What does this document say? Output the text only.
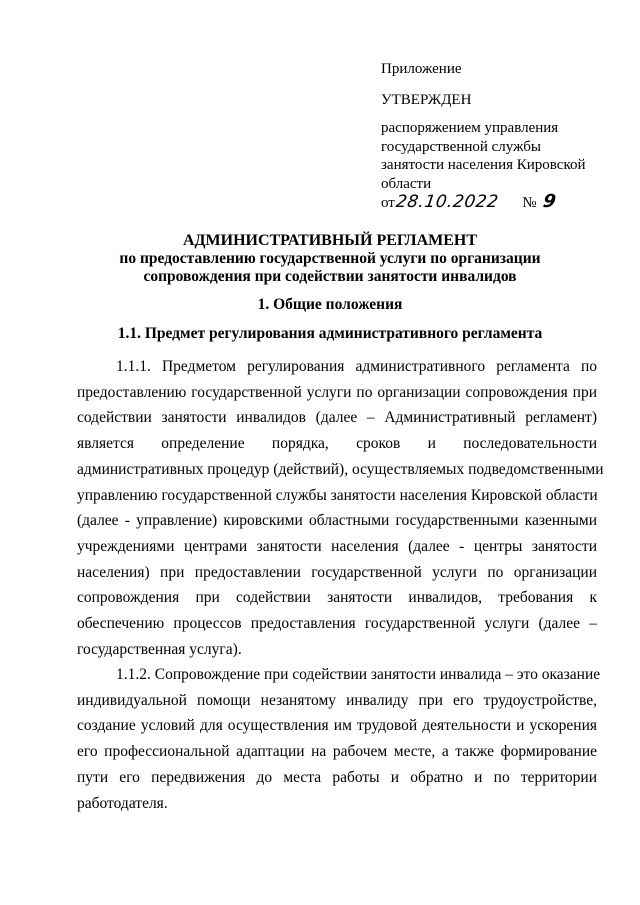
Приложение
УТВЕРЖДЕН
распоряжением управления
государственной службы
занятости населения Кировской
области
от28.10.2022 № 9
АДМИНИСТРАТИВНЫЙ РЕГЛАМЕНТ
по предоставлению государственной услуги по организации
сопровождения при содействии занятости инвалидов
1. Общие положения
1.1. Предмет регулирования административного регламента
1.1.1. Предметом регулирования административного регламента по
предоставлению государственной услуги по организации сопровождения при
содействии занятости инвалидов (далее – Административный регламент)
является определение порядка, сроков и последовательности
административных процедур (действий), осуществляемых подведомственными
управлению государственной службы занятости населения Кировской области
(далее - управление) кировскими областными государственными казенными
учреждениями центрами занятости населения (далее - центры занятости
населения) при предоставлении государственной услуги по организации
сопровождения при содействии занятости инвалидов, требования к
обеспечению процессов предоставления государственной услуги (далее –
государственная услуга).
1.1.2. Сопровождение при содействии занятости инвалида – это оказание
индивидуальной помощи незанятому инвалиду при его трудоустройстве,
создание условий для осуществления им трудовой деятельности и ускорения
его профессиональной адаптации на рабочем месте, а также формирование
пути его передвижения до места работы и обратно и по территории
работодателя.
